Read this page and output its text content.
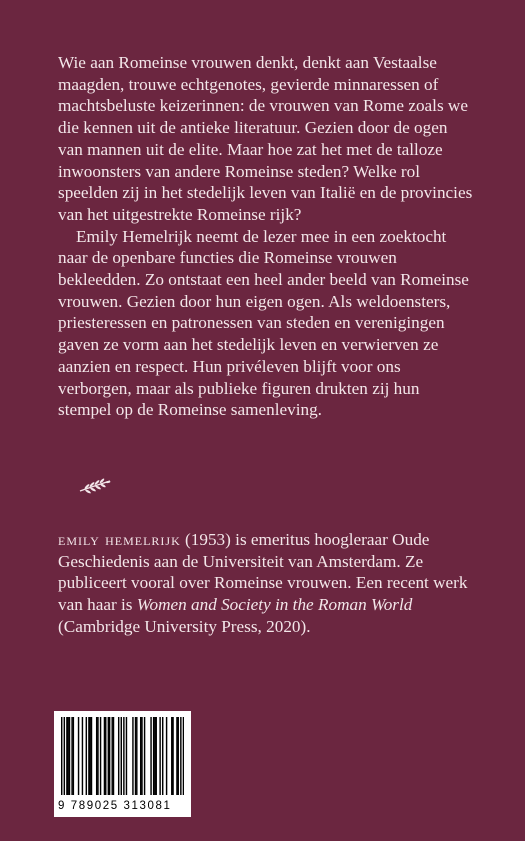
Wie aan Romeinse vrouwen denkt, denkt aan Vestaalse maagden, trouwe echtgenotes, gevierde minnaressen of machtsbeluste keizerinnen: de vrouwen van Rome zoals we die kennen uit de antieke literatuur. Gezien door de ogen van mannen uit de elite. Maar hoe zat het met de talloze inwoonsters van andere Romeinse steden? Welke rol speelden zij in het stedelijk leven van Italië en de provincies van het uitgestrekte Romeinse rijk?

Emily Hemelrijk neemt de lezer mee in een zoektocht naar de openbare functies die Romeinse vrouwen bekleedden. Zo ontstaat een heel ander beeld van Romeinse vrouwen. Gezien door hun eigen ogen. Als weldoensters, priesteressen en patronessen van steden en verenigingen gaven ze vorm aan het stedelijk leven en verwierven ze aanzien en respect. Hun privéleven blijft voor ons verborgen, maar als publieke figuren drukten zij hun stempel op de Romeinse samenleving.

emily hemelrijk (1953) is emeritus hoogleraar Oude Geschiedenis aan de Universiteit van Amsterdam. Ze publiceert vooral over Romeinse vrouwen. Een recent werk van haar is Women and Society in the Roman World (Cambridge University Press, 2020).
9 789025 313081
